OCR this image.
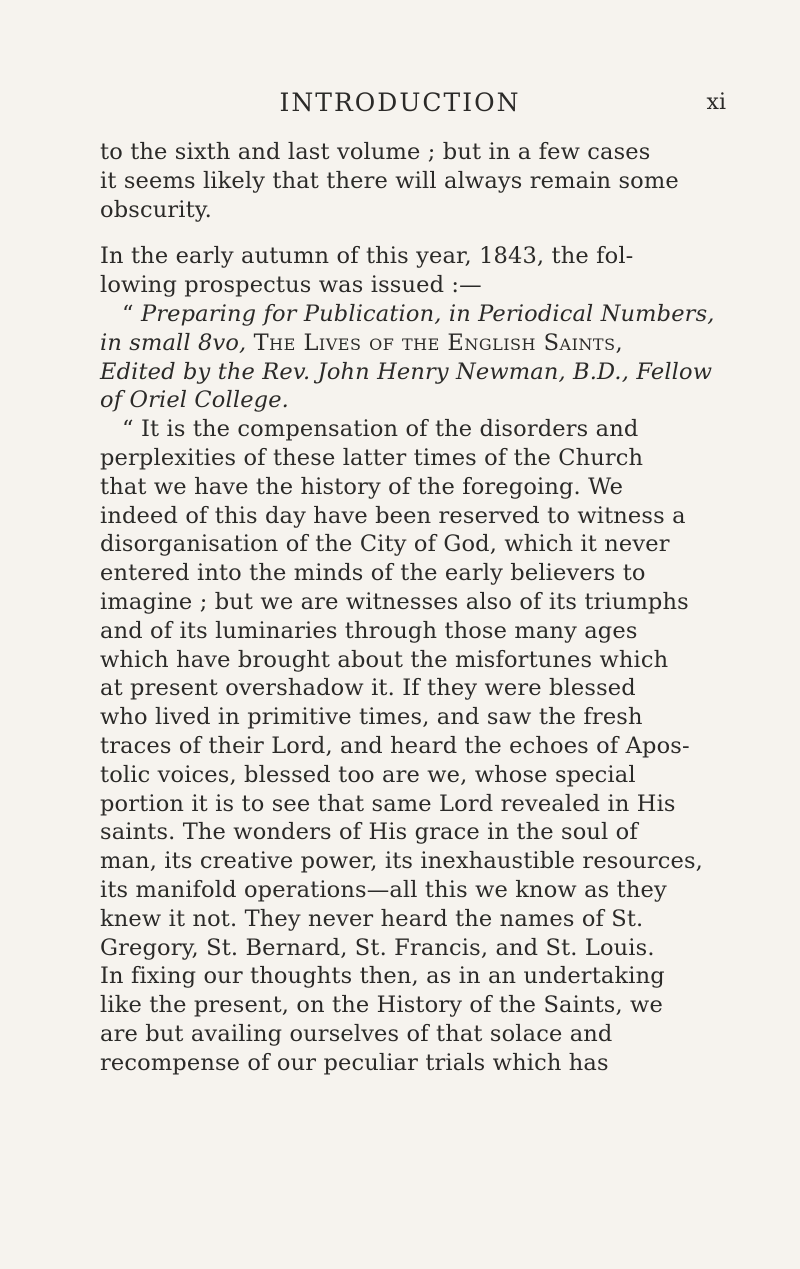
INTRODUCTION	xi
to the sixth and last volume ; but in a few cases
it seems likely that there will always remain some
obscurity.
In the early autumn of this year, 1843, the fol-
lowing prospectus was issued :—
“ Preparing for Publication, in Periodical Numbers,
in small 8vo, The Lives of the English Saints,
Edited by the Rev. John Henry Newman, B.D., Fellow
of Oriel College.
“ It is the compensation of the disorders and
perplexities of these latter times of the Church
that we have the history of the foregoing. We
indeed of this day have been reserved to witness a
disorganisation of the City of God, which it never
entered into the minds of the early believers to
imagine ; but we are witnesses also of its triumphs
and of its luminaries through those many ages
which have brought about the misfortunes which
at present overshadow it. If they were blessed
who lived in primitive times, and saw the fresh
traces of their Lord, and heard the echoes of Apos-
tolic voices, blessed too are we, whose special
portion it is to see that same Lord revealed in His
saints. The wonders of His grace in the soul of
man, its creative power, its inexhaustible resources,
its manifold operations—all this we know as they
knew it not. They never heard the names of St.
Gregory, St. Bernard, St. Francis, and St. Louis.
In fixing our thoughts then, as in an undertaking
like the present, on the History of the Saints, we
are but availing ourselves of that solace and
recompense of our peculiar trials which has
